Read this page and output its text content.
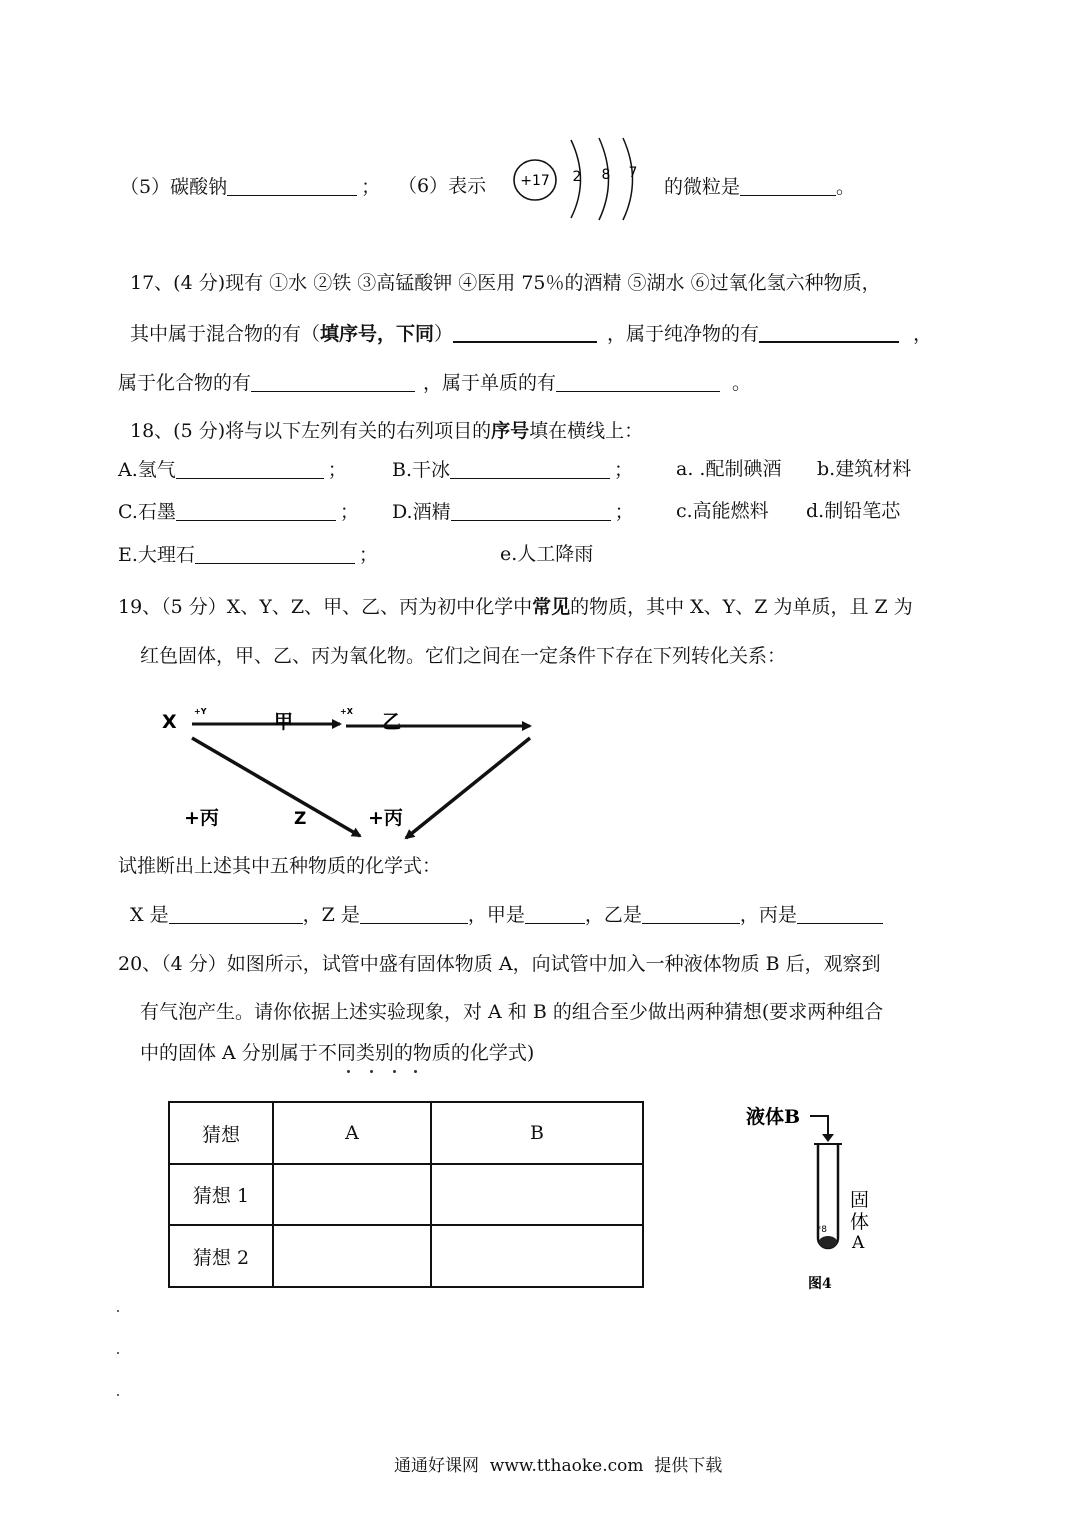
（5）碳酸钠	； （6）表示 +17 2 8 7
的微粒是	。
17、(4 分)现有 ①水 ②铁 ③高锰酸钾 ④医用 75％的酒精 ⑤湖水 ⑥过氧化氢六种物质，
其中属于混合物的有（填序号，下同）	，属于纯净物的有	，
属于化合物的有	，属于单质的有	。
18、(5 分)将与以下左列有关的右列项目的序号填在横线上：
A.氢气	； B.干冰	； a. .配制碘酒 b.建筑材料
C.石墨	； D.酒精	； c.高能燃料 d.制铅笔芯
E.大理石	；	e.人工降雨
19、（5 分）X、Y、Z、甲、乙、丙为初中化学中常见的物质，其中 X、Y、Z 为单质，且 Z 为
红色固体，甲、乙、丙为氧化物。它们之间在一定条件下存在下列转化关系：
X +Y	甲	+X 乙
+丙	Z	+丙
试推断出上述其中五种物质的化学式：
X 是	，Z 是	，甲是	，乙是	，丙是
20、（4 分）如图所示，试管中盛有固体物质 A，向试管中加入一种液体物质 B 后，观察到
有气泡产生。请你依据上述实验现象，对 A 和 B 的组合至少做出两种猜想(要求两种组合
中的固体 A 分别属于不同类别的物质的化学式)
猜想	A	B
猜想 1		
猜想 2		
液体B
ᵋ8
固
体
A
图4
通通好课网  www.tthaoke.com  提供下载
